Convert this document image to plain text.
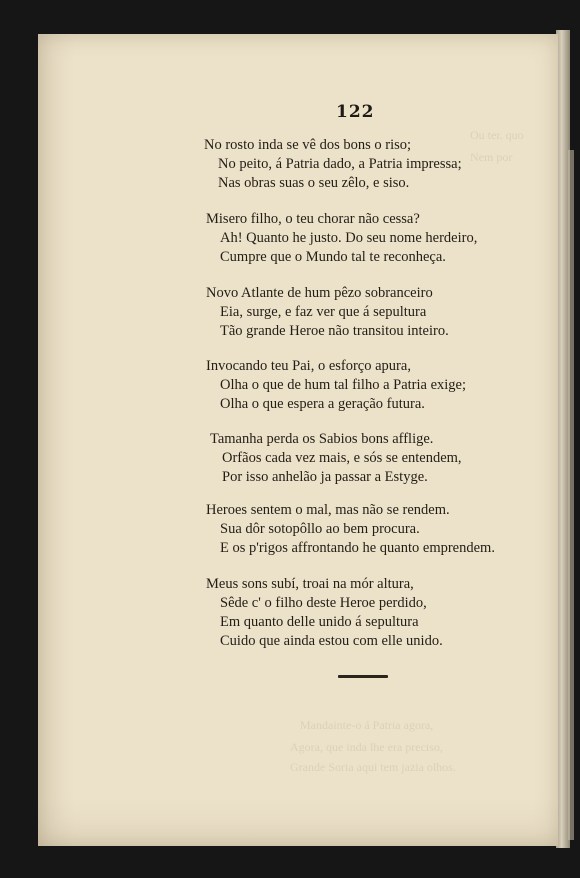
Ou ter. quo
Nem por
Mandainte-o á Patria agora,
Agora, que inda lhe era preciso,
Grande Soria aqui tem jazia olhos.
122
No rosto inda se vê dos bons o riso;
No peito, á Patria dado, a Patria impressa;
Nas obras suas o seu zêlo, e siso.
Misero filho, o teu chorar não cessa?
Ah! Quanto he justo. Do seu nome herdeiro,
Cumpre que o Mundo tal te reconheça.
Novo Atlante de hum pêzo sobranceiro
Eia, surge, e faz ver que á sepultura
Tão grande Heroe não transitou inteiro.
Invocando teu Pai, o esforço apura,
Olha o que de hum tal filho a Patria exige;
Olha o que espera a geração futura.
Tamanha perda os Sabios bons afflige.
Orfãos cada vez mais, e sós se entendem,
Por isso anhelão ja passar a Estyge.
Heroes sentem o mal, mas não se rendem.
Sua dôr sotopôllo ao bem procura.
E os p'rigos affrontando he quanto emprendem.
Meus sons subí, troai na mór altura,
Sêde c' o filho deste Heroe perdido,
Em quanto delle unido á sepultura
Cuido que ainda estou com elle unido.
